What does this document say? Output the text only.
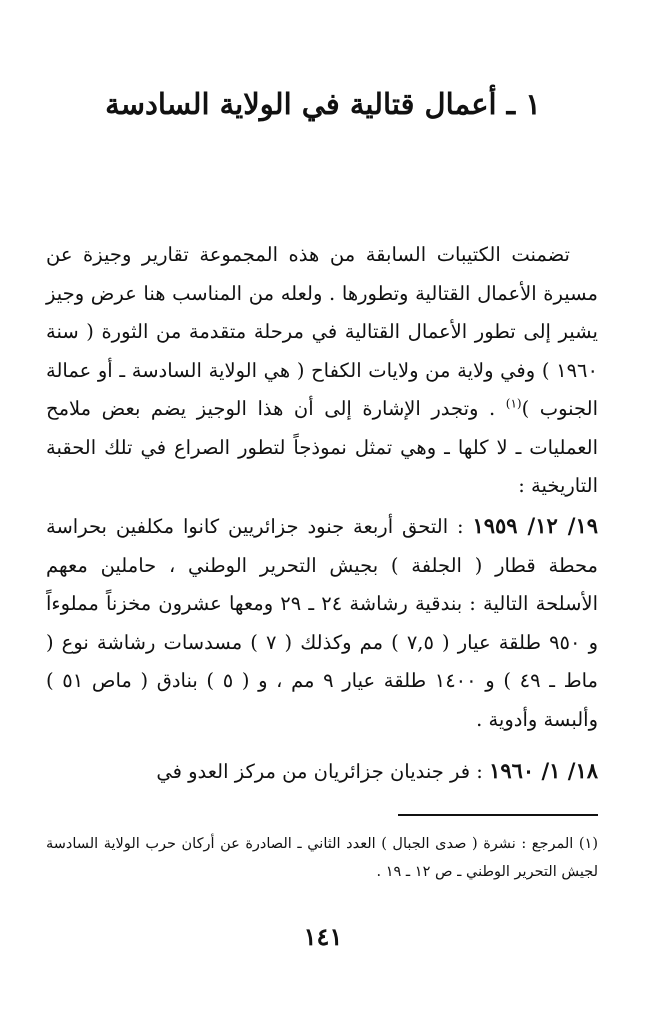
١ ـ أعمال قتالية في الولاية السادسة

تضمنت الكتيبات السابقة من هذه المجموعة تقارير وجيزة عن مسيرة الأعمال القتالية وتطورها . ولعله من المناسب هنا عرض وجيز يشير إلى تطور الأعمال القتالية في مرحلة متقدمة من الثورة ( سنة ١٩٦٠ ) وفي ولاية من ولايات الكفاح ( هي الولاية السادسة ـ أو عمالة الجنوب )$^{(١)}$ . وتجدر الإشارة إلى أن هذا الوجيز يضم بعض ملامح العمليات ـ لا كلها ـ وهي تمثل نموذجاً لتطور الصراع في تلك الحقبة التاريخية :

١٩/ ١٢/ ١٩٥٩ : التحق أربعة جنود جزائريين كانوا مكلفين بحراسة محطة قطار ( الجلفة ) بجيش التحرير الوطني ، حاملين معهم الأسلحة التالية : بندقية رشاشة ٢٤ ـ ٢٩ ومعها عشرون مخزناً مملوءاً و ٩٥٠ طلقة عيار ( ٧,٥ ) مم وكذلك ( ٧ ) مسدسات رشاشة نوع ( ماط ـ ٤٩ ) و ١٤٠٠ طلقة عيار ٩ مم ، و ( ٥ ) بنادق ( ماص ٥١ ) وألبسة وأدوية .

١٨/ ١/ ١٩٦٠ : فر جنديان جزائريان من مركز العدو في

(١) المرجع : نشرة ( صدى الجبال ) العدد الثاني ـ الصادرة عن أركان حرب الولاية السادسة لجيش التحرير الوطني ـ ص ١٢ ـ ١٩ .

١٤١
